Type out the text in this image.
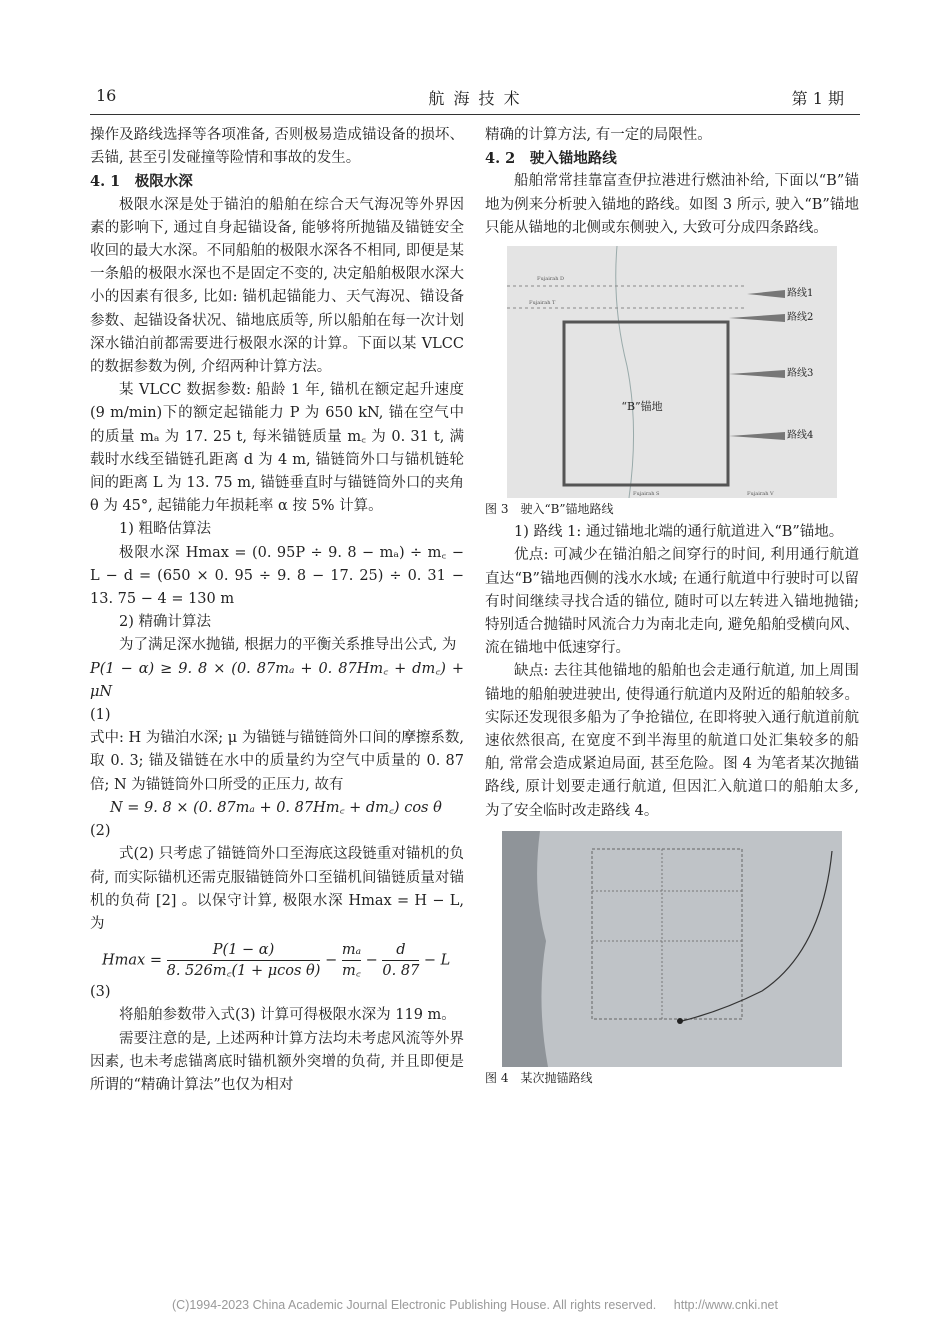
16	航 海 技 术	第 1 期

操作及路线选择等各项准备, 否则极易造成锚设备的损坏、丢锚, 甚至引发碰撞等险情和事故的发生。

4. 1　极限水深

极限水深是处于锚泊的船舶在综合天气海况等外界因素的影响下, 通过自身起锚设备, 能够将所抛锚及锚链安全收回的最大水深。不同船舶的极限水深各不相同, 即便是某一条船的极限水深也不是固定不变的, 决定船舶极限水深大小的因素有很多, 比如: 锚机起锚能力、天气海况、锚设备参数、起锚设备状况、锚地底质等, 所以船舶在每一次计划深水锚泊前都需要进行极限水深的计算。下面以某 VLCC 的数据参数为例, 介绍两种计算方法。

某 VLCC 数据参数: 船龄 1 年, 锚机在额定起升速度(9 m/min)下的额定起锚能力 P 为 650 kN, 锚在空气中的质量 mₐ 为 17. 25 t, 每米锚链质量 m꜀ 为 0. 31 t, 满载时水线至锚链孔距离 d 为 4 m, 锚链筒外口与锚机链轮间的距离 L 为 13. 75 m, 锚链垂直时与锚链筒外口的夹角 θ 为 45°, 起锚能力年损耗率 α 按 5% 计算。

1) 粗略估算法

极限水深 Hmax = (0. 95P ÷ 9. 8 − mₐ) ÷ m꜀ − L − d = (650 × 0. 95 ÷ 9. 8 − 17. 25) ÷ 0. 31 − 13. 75 − 4 = 130 m

2) 精确计算法

为了满足深水抛锚, 根据力的平衡关系推导出公式, 为

P(1 − α) ≥ 9. 8 × (0. 87mₐ + 0. 87Hm꜀ + dm꜀) + μN

(1)

式中: H 为锚泊水深; μ 为锚链与锚链筒外口间的摩擦系数, 取 0. 3; 锚及锚链在水中的质量约为空气中质量的 0. 87 倍; N 为锚链筒外口所受的正压力, 故有

N = 9. 8 × (0. 87mₐ + 0. 87Hm꜀ + dm꜀) cos θ

(2)

式(2) 只考虑了锚链筒外口至海底这段链重对锚机的负荷, 而实际锚机还需克服锚链筒外口至锚机间锚链质量对锚机的负荷 [2] 。以保守计算, 极限水深 Hmax = H − L, 为

$Hmax = \frac{P(1 - \alpha)}{\text{8. 526m꜀(1 + μcos θ)}} - \frac{\text{mₐ}}{m꜀} - \frac{d}{0. 87} - L$

(3)

将船舶参数带入式(3) 计算可得极限水深为 119 m。

需要注意的是, 上述两种计算方法均未考虑风流等外界因素, 也未考虑锚离底时锚机额外突增的负荷, 并且即便是所谓的“精确计算法”也仅为相对

精确的计算方法, 有一定的局限性。

4. 2　驶入锚地路线

船舶常常挂靠富查伊拉港进行燃油补给, 下面以“B”锚地为例来分析驶入锚地的路线。如图 3 所示, 驶入“B”锚地只能从锚地的北侧或东侧驶入, 大致可分成四条路线。

“B”锚地
Fujairah D
Fujairah T
Fujairah S	Fujairah V
路线1
路线2
路线3
路线4

图 3　驶入“B”锚地路线

1) 路线 1: 通过锚地北端的通行航道进入“B”锚地。

优点: 可减少在锚泊船之间穿行的时间, 利用通行航道直达“B”锚地西侧的浅水水域; 在通行航道中行驶时可以留有时间继续寻找合适的锚位, 随时可以左转进入锚地抛锚; 特别适合抛锚时风流合力为南北走向, 避免船舶受横向风、流在锚地中低速穿行。

缺点: 去往其他锚地的船舶也会走通行航道, 加上周围锚地的船舶驶进驶出, 使得通行航道内及附近的船舶较多。实际还发现很多船为了争抢锚位, 在即将驶入通行航道前航速依然很高, 在宽度不到半海里的航道口处汇集较多的船舶, 常常会造成紧迫局面, 甚至危险。图 4 为笔者某次抛锚路线, 原计划要走通行航道, 但因汇入航道口的船舶太多, 为了安全临时改走路线 4。

图 4　某次抛锚路线

(C)1994-2023 China Academic Journal Electronic Publishing House. All rights reserved. http://www.cnki.net
